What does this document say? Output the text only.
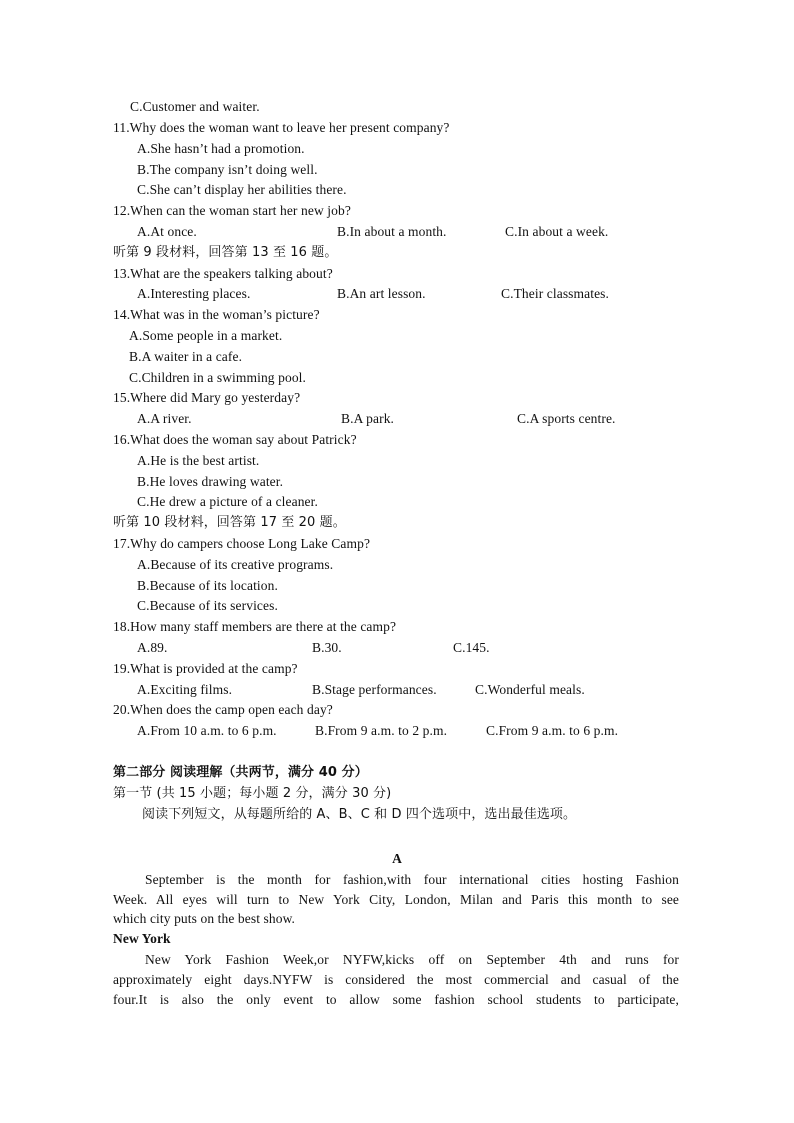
C.Customer and waiter.
11.Why does the woman want to leave her present company?
A.She hasn’t had a promotion.
B.The company isn’t doing well.
C.She can’t display her abilities there.
12.When can the woman start her new job?
A.At once.	B.In about a month.	C.In about a week.
听第 9 段材料，回答第 13 至 16 题。
13.What are the speakers talking about?
A.Interesting places.	B.An art lesson.	C.Their classmates.
14.What was in the woman’s picture?
A.Some people in a market.
B.A waiter in a cafe.
C.Children in a swimming pool.
15.Where did Mary go yesterday?
A.A river.	B.A park.	C.A sports centre.
16.What does the woman say about Patrick?
A.He is the best artist.
B.He loves drawing water.
C.He drew a picture of a cleaner.
听第 10 段材料，回答第 17 至 20 题。
17.Why do campers choose Long Lake Camp?
A.Because of its creative programs.
B.Because of its location.
C.Because of its services.
18.How many staff members are there at the camp?
A.89.	B.30.	C.145.
19.What is provided at the camp?
A.Exciting films.	B.Stage performances.	C.Wonderful meals.
20.When does the camp open each day?
A.From 10 a.m. to 6 p.m.	B.From 9 a.m. to 2 p.m.	C.From 9 a.m. to 6 p.m.
第二部分 阅读理解（共两节，满分 40 分）
第一节 (共 15 小题；每小题 2 分，满分 30 分)
阅读下列短文，从每题所给的 A、B、C 和 D 四个选项中，选出最佳选项。
A
September is the month for fashion,with four international cities hosting Fashion
Week. All eyes will turn to New York City, London, Milan and Paris this month to see
which city puts on the best show.
New York
New York Fashion Week,or NYFW,kicks off on September 4th and runs for
approximately eight days.NYFW is considered the most commercial and casual of the
four.It is also the only event to allow some fashion school students to participate,
